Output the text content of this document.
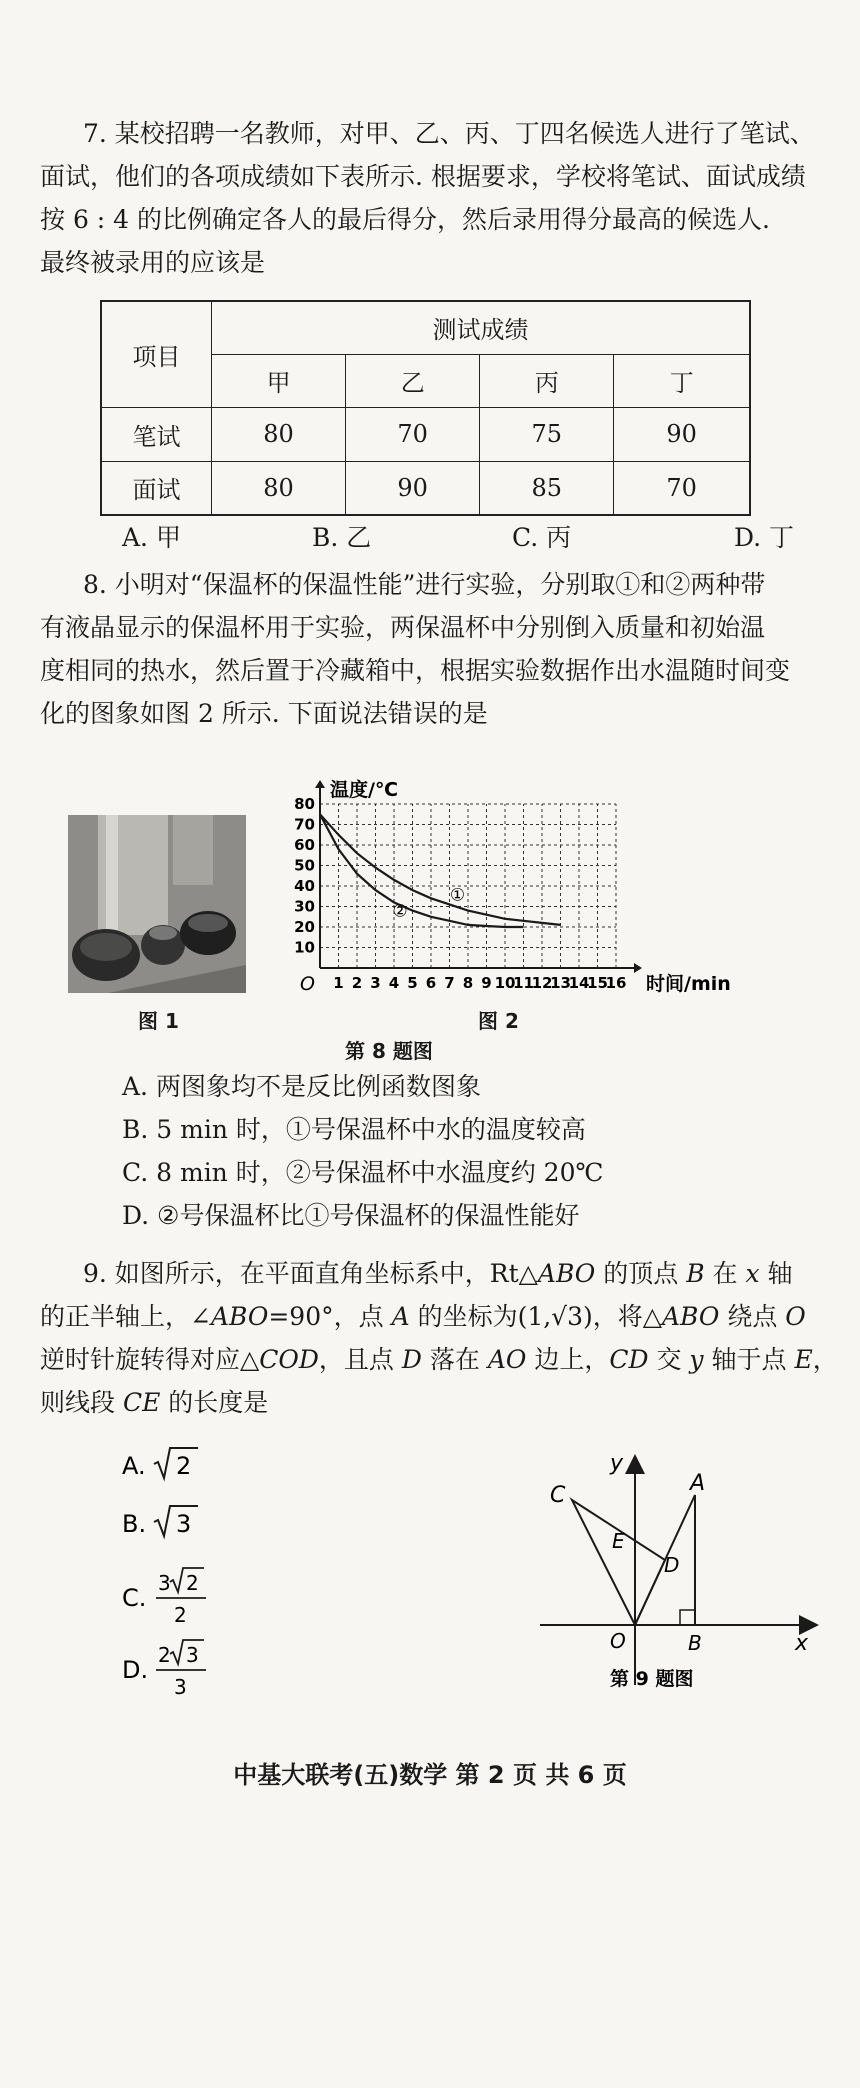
7. 某校招聘一名教师，对甲、乙、丙、丁四名候选人进行了笔试、

面试，他们的各项成绩如下表所示. 根据要求，学校将笔试、面试成绩

按 6 : 4 的比例确定各人的最后得分，然后录用得分最高的候选人.

最终被录用的应该是

项目	测试成绩			
	甲	乙	丙	丁
笔试	80	70	75	90
面试	80	90	85	70
A. 甲	B. 乙	C. 丙	D. 丁

8. 小明对“保温杯的保温性能”进行实验，分别取①和②两种带

有液晶显示的保温杯用于实验，两保温杯中分别倒入质量和初始温

度相同的热水，然后置于冷藏箱中，根据实验数据作出水温随时间变

化的图象如图 2 所示. 下面说法错误的是

图 1
1 2 3 4 5 6 7 8 9 10
11
12
13
14
15
16
10
20
30
40
50
60
70
80
①
②
温度/℃
时间/min
O
图 2
第 8 题图
A. 两图象均不是反比例函数图象
B. 5 min 时，①号保温杯中水的温度较高
C. 8 min 时，②号保温杯中水温度约 20℃
D. ②号保温杯比①号保温杯的保温性能好

9. 如图所示，在平面直角坐标系中，Rt△ABO 的顶点 B 在 x 轴

的正半轴上，∠ABO=90°，点 A 的坐标为(1,√3)，将△ABO 绕点 O

逆时针旋转得对应△COD，且点 D 落在 AO 边上，CD 交 y 轴于点 E，

则线段 CE 的长度是

A. 2
B. 3
C.
3 2
2
D.
2 3
3
C
E
D
A
O	B	x
y
第 9 题图
中基大联考(五)数学 第 2 页 共 6 页
